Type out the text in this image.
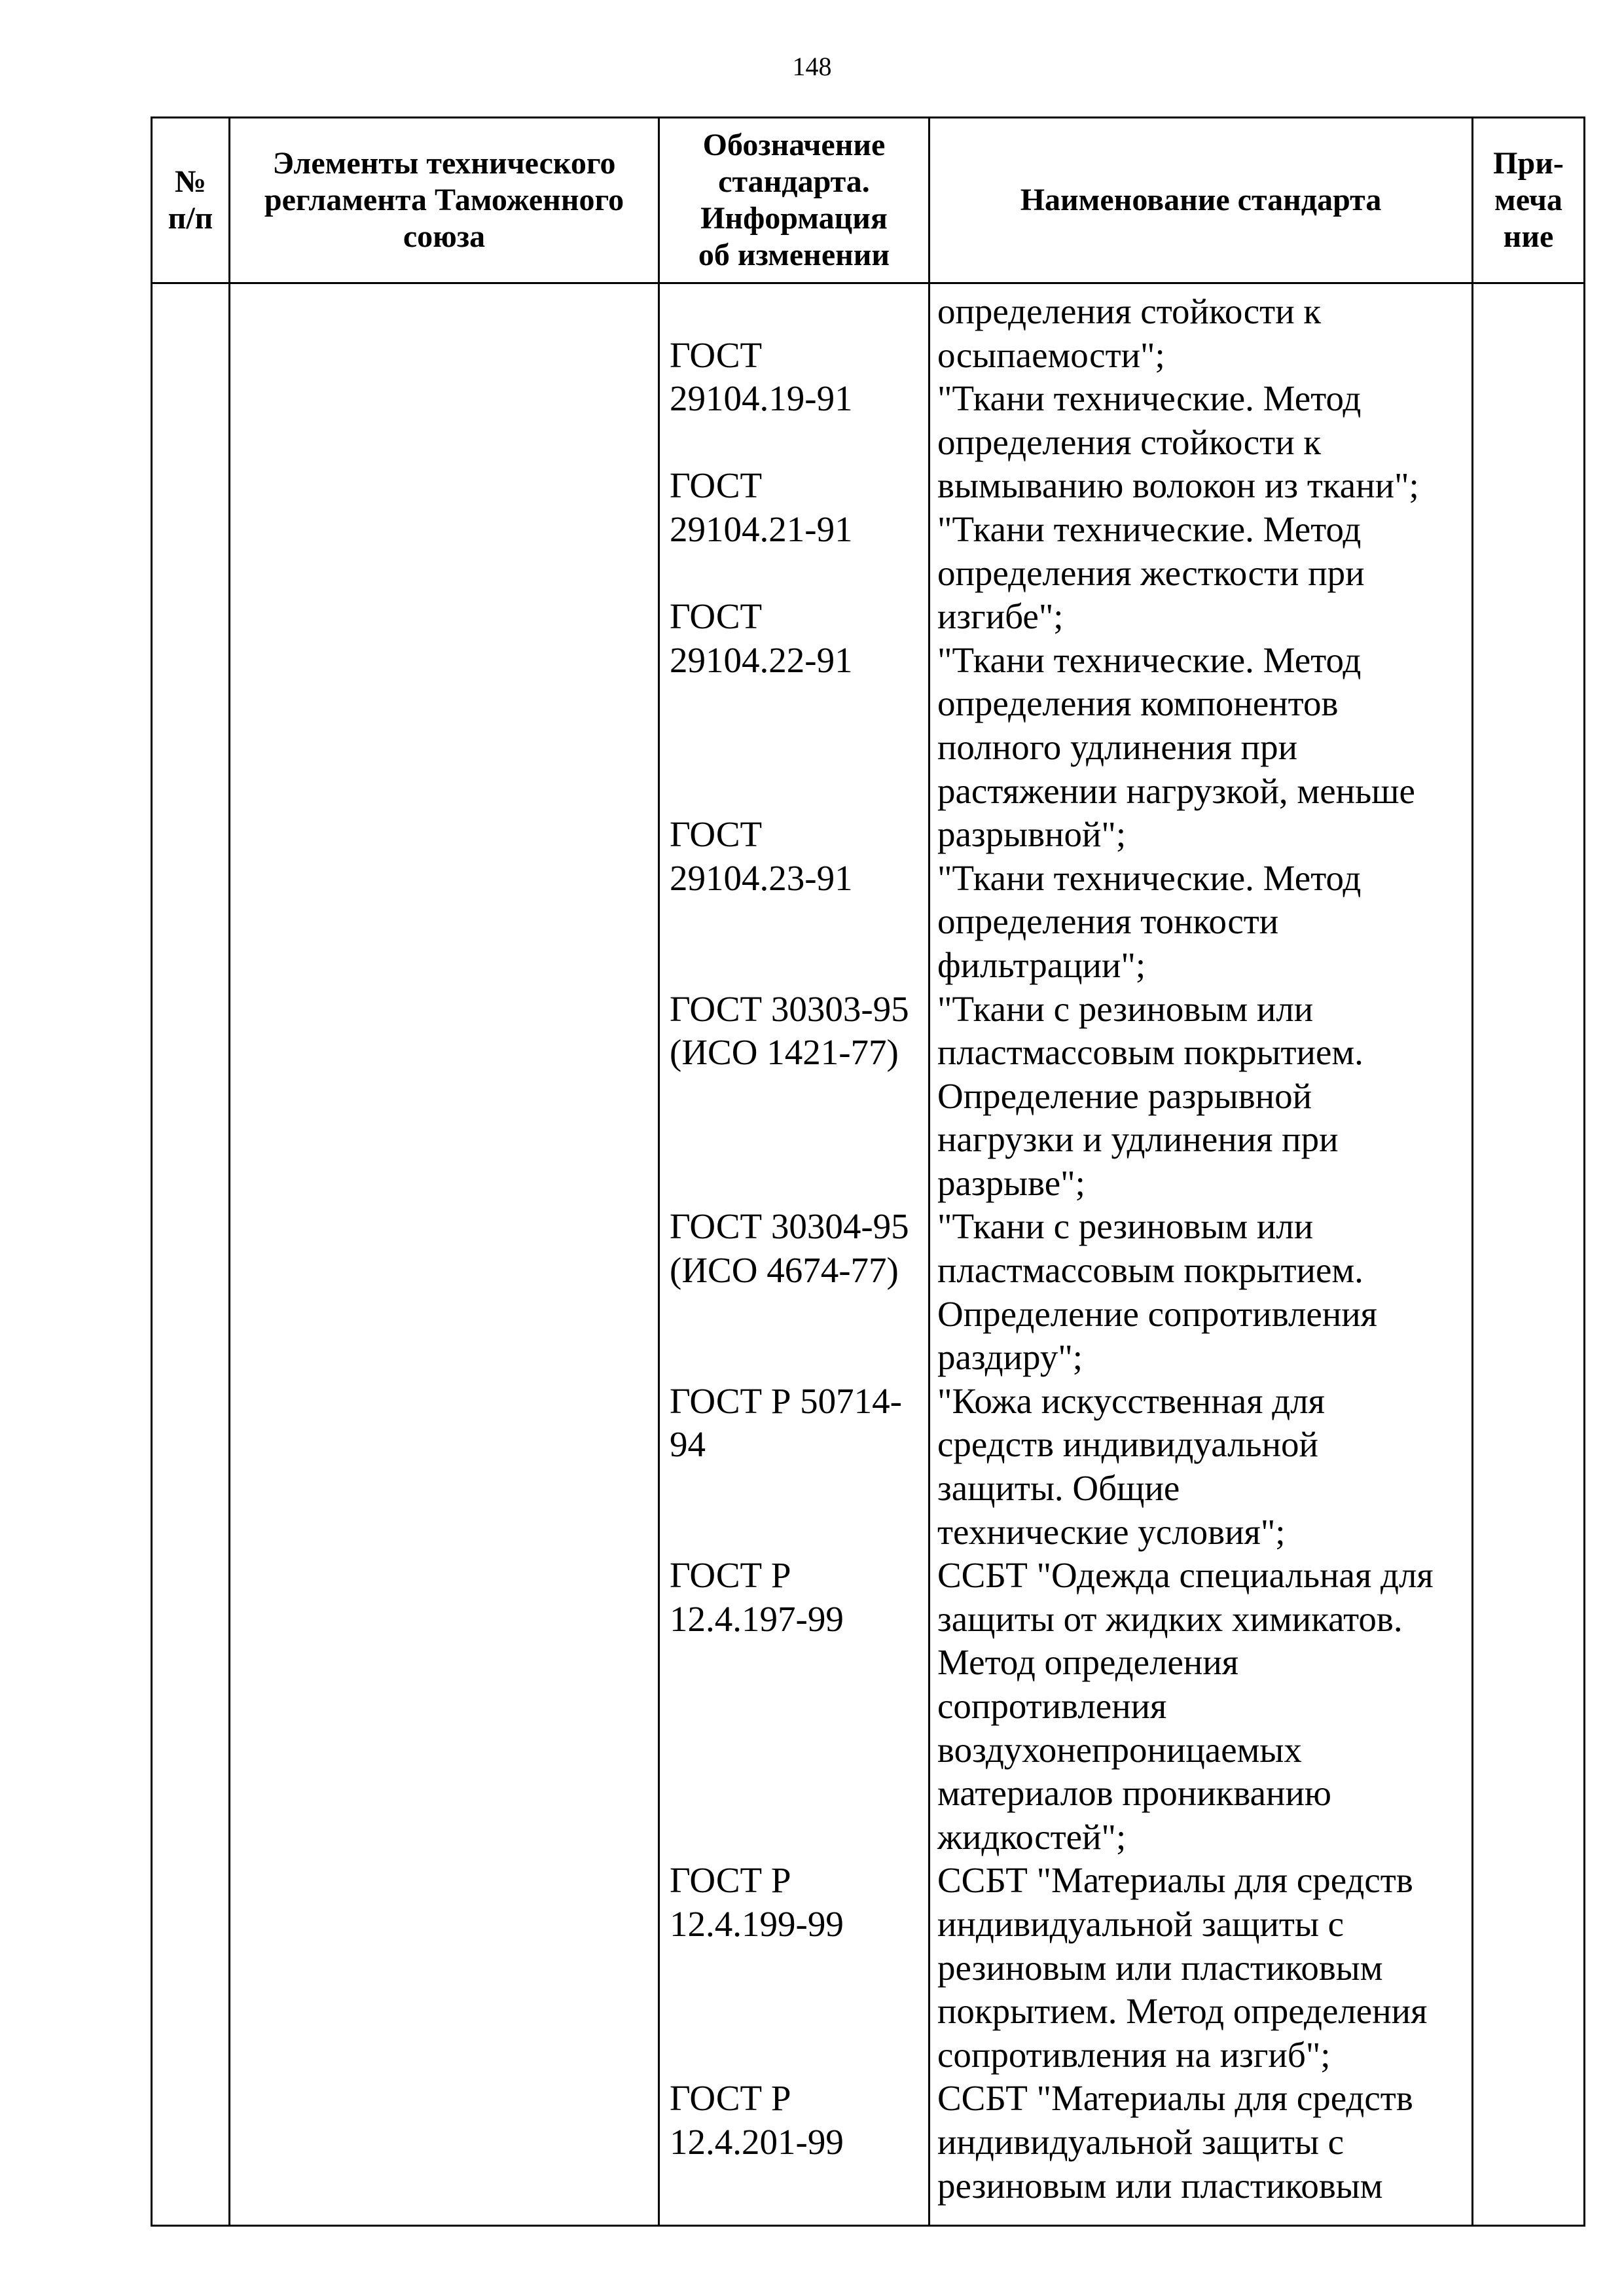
148
№
п/п
Элементы технического
регламента Таможенного
союза
Обозначение
стандарта.
Информация
об изменении
Наименование стандарта
При-
меча
ние
ГОСТ
29104.19-91
ГОСТ
29104.21-91
ГОСТ
29104.22-91
ГОСТ
29104.23-91
ГОСТ 30303-95
(ИСО 1421-77)
ГОСТ 30304-95
(ИСО 4674-77)
ГОСТ Р 50714-
94
ГОСТ Р
12.4.197-99
ГОСТ Р
12.4.199-99
ГОСТ Р
12.4.201-99
определения стойкости к
осыпаемости";
"Ткани технические. Метод
определения стойкости к
вымыванию волокон из ткани";
"Ткани технические. Метод
определения жесткости при
изгибе";
"Ткани технические. Метод
определения компонентов
полного удлинения при
растяжении нагрузкой, меньше
разрывной";
"Ткани технические. Метод
определения тонкости
фильтрации";
"Ткани с резиновым или
пластмассовым покрытием.
Определение разрывной
нагрузки и удлинения при
разрыве";
"Ткани с резиновым или
пластмассовым покрытием.
Определение сопротивления
раздиру";
"Кожа искусственная для
средств индивидуальной
защиты. Общие
технические условия";
ССБТ "Одежда специальная для
защиты от жидких химикатов.
Метод определения
сопротивления
воздухонепроницаемых
материалов проникванию
жидкостей";
ССБТ "Материалы для средств
индивидуальной защиты с
резиновым или пластиковым
покрытием. Метод определения
сопротивления на изгиб";
ССБТ "Материалы для средств
индивидуальной защиты с
резиновым или пластиковым
